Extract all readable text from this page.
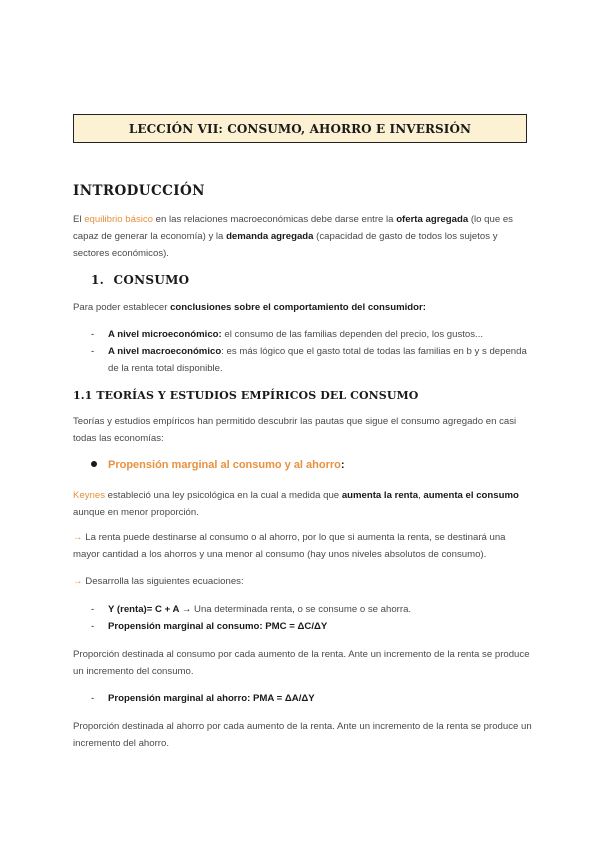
LECCIÓN VII: CONSUMO, AHORRO E INVERSIÓN
INTRODUCCIÓN
El equilibrio básico en las relaciones macroeconómicas debe darse entre la oferta agregada (lo que es capaz de generar la economía) y la demanda agregada (capacidad de gasto de todos los sujetos y sectores económicos).
1. CONSUMO
Para poder establecer conclusiones sobre el comportamiento del consumidor:
- A nivel microeconómico: el consumo de las familias dependen del precio, los gustos...
- A nivel macroeconómico: es más lógico que el gasto total de todas las familias en b y s dependa de la renta total disponible.
1.1 TEORÍAS Y ESTUDIOS EMPÍRICOS DEL CONSUMO
Teorías y estudios empíricos han permitido descubrir las pautas que sigue el consumo agregado en casi todas las economías:
Propensión marginal al consumo y al ahorro:
Keynes estableció una ley psicológica en la cual a medida que aumenta la renta, aumenta el consumo aunque en menor proporción.
→ La renta puede destinarse al consumo o al ahorro, por lo que si aumenta la renta, se destinará una mayor cantidad a los ahorros y una menor al consumo (hay unos niveles absolutos de consumo).
→ Desarrolla las siguientes ecuaciones:
- Y (renta)= C + A → Una determinada renta, o se consume o se ahorra.
- Propensión marginal al consumo: PMC = ΔC/ΔY
Proporción destinada al consumo por cada aumento de la renta. Ante un incremento de la renta se produce un incremento del consumo.
- Propensión marginal al ahorro: PMA = ΔA/ΔY
Proporción destinada al ahorro por cada aumento de la renta. Ante un incremento de la renta se produce un incremento del ahorro.
